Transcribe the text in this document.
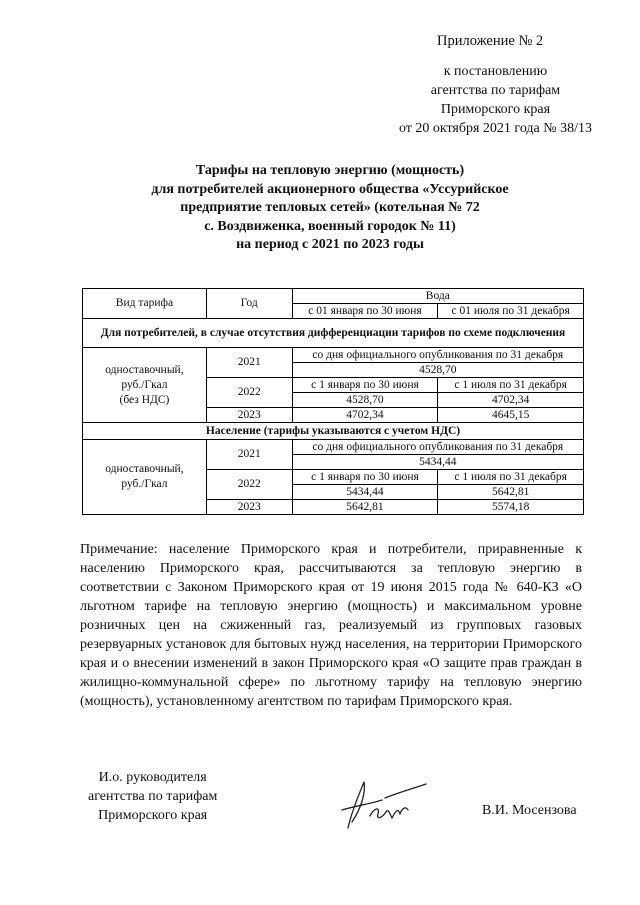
Приложение № 2
к постановлению
агентства по тарифам
Приморского края
от 20 октября 2021 года № 38/13
Тарифы на тепловую энергию (мощность)
для потребителей акционерного общества «Уссурийское
предприятие тепловых сетей» (котельная № 72
с. Воздвиженка, военный городок № 11)
на период с 2021 по 2023 годы
Вид тарифа	Год	Вода	
		с 01 января по 30 июня	с 01 июля по 31 декабря
Для потребителей, в случае отсутствия дифференциации тарифов по схеме подключения			

одноставочный,
руб./Гкал
(без НДС)	2021	со дня официального опубликования по 31 декабря	
		4528,70	
	2022	с 1 января по 30 июня	с 1 июля по 31 декабря
		4528,70	4702,34
	2023	4702,34	4645,15
Население (тарифы указываются с учетом НДС)			

одноставочный,
руб./Гкал	2021	со дня официального опубликования по 31 декабря	
		5434,44	
	2022	с 1 января по 30 июня	с 1 июля по 31 декабря
		5434,44	5642,81
	2023	5642,81	5574,18
Примечание: население Приморского края и потребители, приравненные к населению Приморского края, рассчитываются за тепловую энергию в соответствии с Законом Приморского края от 19 июня 2015 года № 640-КЗ «О льготном тарифе на тепловую энергию (мощность) и максимальном уровне розничных цен на сжиженный газ, реализуемый из групповых газовых резервуарных установок для бытовых нужд населения, на территории Приморского края и о внесении изменений в закон Приморского края «О защите прав граждан в жилищно-коммунальной сфере» по льготному тарифу на тепловую энергию (мощность), установленному агентством по тарифам Приморского края.
И.о. руководителя
агентства по тарифам
Приморского края	В.И. Мосензова
